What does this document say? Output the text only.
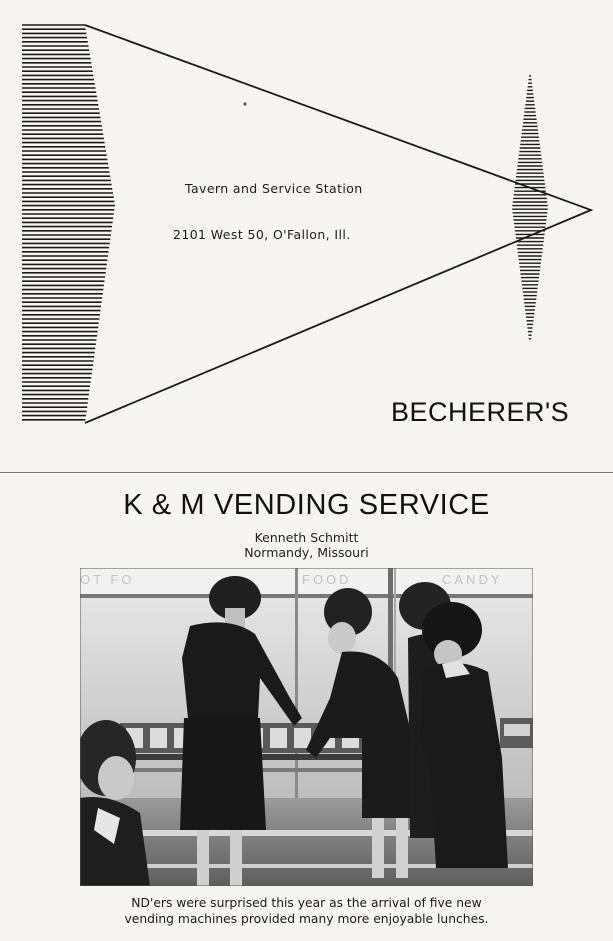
Tavern and Service Station
2101 West 50, O'Fallon, Ill.
BECHERER'S
K & M VENDING SERVICE
Kenneth Schmitt
Normandy, Missouri
OT FO	FOOD	CANDY
ND'ers were surprised this year as the arrival of five new
vending machines provided many more enjoyable lunches.
